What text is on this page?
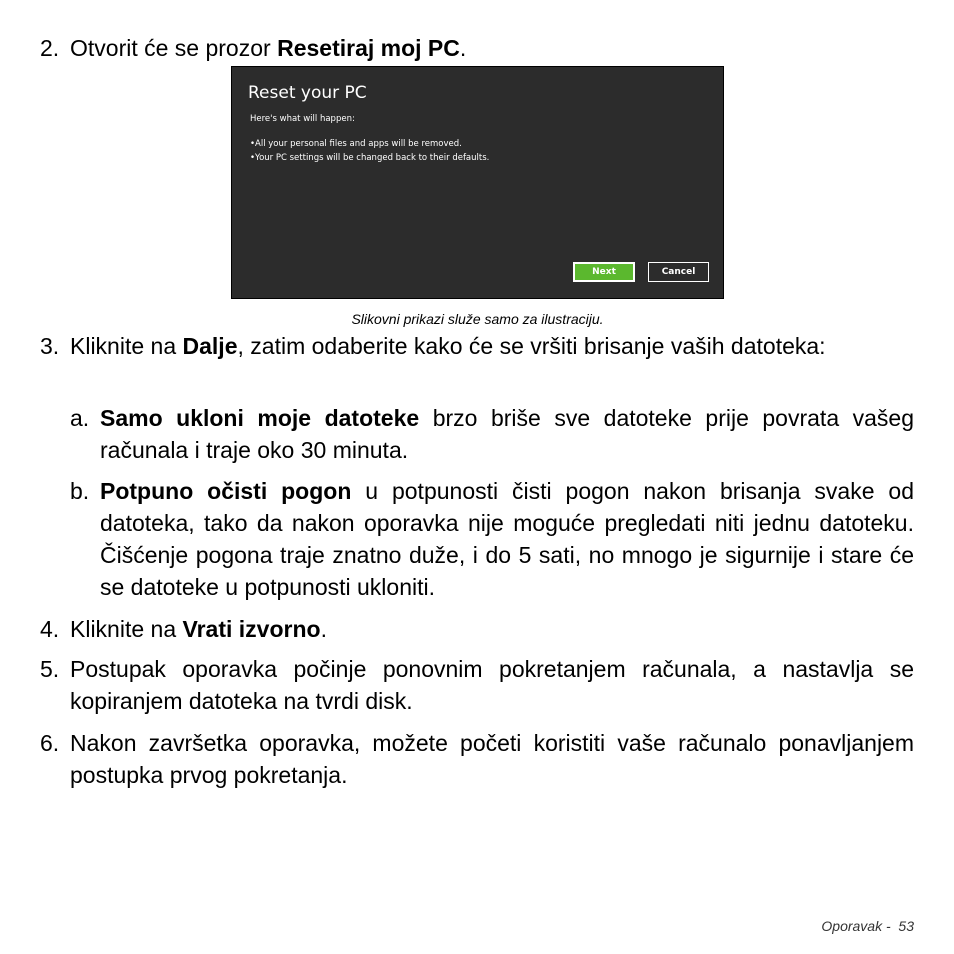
2. Otvorit će se prozor Resetiraj moj PC.
Reset your PC
Here's what will happen:
• All your personal files and apps will be removed.
• Your PC settings will be changed back to their defaults.
Next	Cancel
Slikovni prikazi služe samo za ilustraciju.
3. Kliknite na Dalje, zatim odaberite kako će se vršiti brisanje vaših datoteka:
a. Samo ukloni moje datoteke brzo briše sve datoteke prije povrata vašeg računala i traje oko 30 minuta.
b. Potpuno očisti pogon u potpunosti čisti pogon nakon brisanja svake od datoteka, tako da nakon oporavka nije moguće pregledati niti jednu datoteku. Čišćenje pogona traje znatno duže, i do 5 sati, no mnogo je sigurnije i stare će se datoteke u potpunosti ukloniti.
4. Kliknite na Vrati izvorno.
5. Postupak oporavka počinje ponovnim pokretanjem računala, a nastavlja se kopiranjem datoteka na tvrdi disk.
6. Nakon završetka oporavka, možete početi koristiti vaše računalo ponavljanjem postupka prvog pokretanja.
Oporavak - 53
